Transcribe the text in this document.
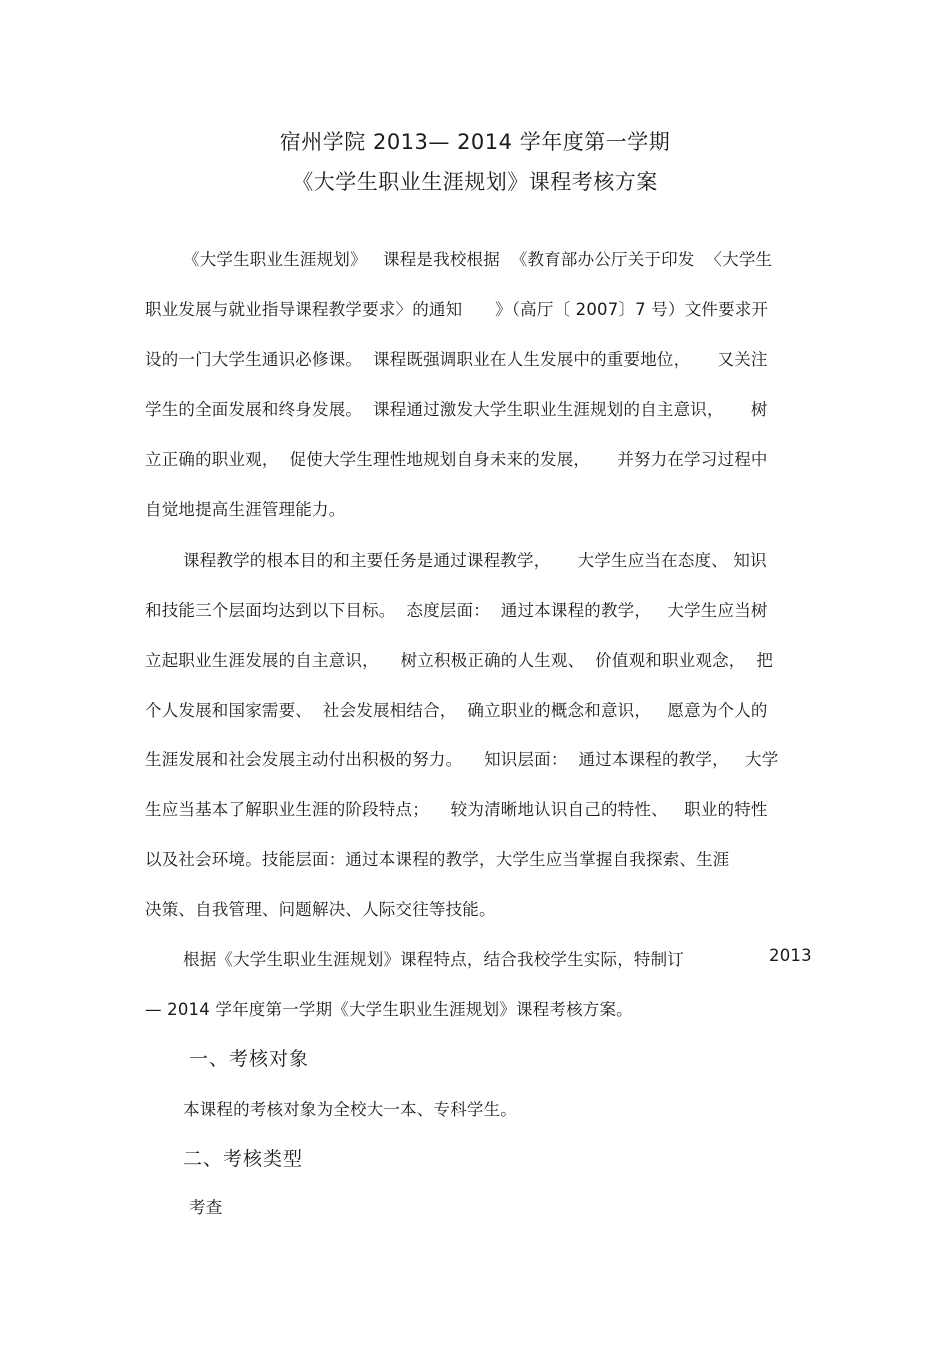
宿州学院 2013— 2014 学年度第一学期
《大学生职业生涯规划》课程考核方案
《大学生职业生涯规划》   课程是我校根据  《教育部办公厅关于印发  〈大学生
职业发展与就业指导课程教学要求〉的通知      》（高厅〔 2007〕7 号）文件要求开
设的一门大学生通识必修课。  课程既强调职业在人生发展中的重要地位，     又关注
学生的全面发展和终身发展。  课程通过激发大学生职业生涯规划的自主意识，     树
立正确的职业观，  促使大学生理性地规划自身未来的发展，     并努力在学习过程中
自觉地提高生涯管理能力。
课程教学的根本目的和主要任务是通过课程教学，     大学生应当在态度、 知识
和技能三个层面均达到以下目标。  态度层面：  通过本课程的教学，   大学生应当树
立起职业生涯发展的自主意识，    树立积极正确的人生观、  价值观和职业观念，  把
个人发展和国家需要、  社会发展相结合，  确立职业的概念和意识，   愿意为个人的
生涯发展和社会发展主动付出积极的努力。    知识层面：  通过本课程的教学，   大学
生应当基本了解职业生涯的阶段特点；    较为清晰地认识自己的特性、   职业的特性
以及社会环境。技能层面：通过本课程的教学，大学生应当掌握自我探索、生涯
决策、自我管理、问题解决、人际交往等技能。
根据《大学生职业生涯规划》课程特点，结合我校学生实际，特制订	2013
— 2014 学年度第一学期《大学生职业生涯规划》课程考核方案。
一、考核对象
本课程的考核对象为全校大一本、专科学生。
二、考核类型
考查
